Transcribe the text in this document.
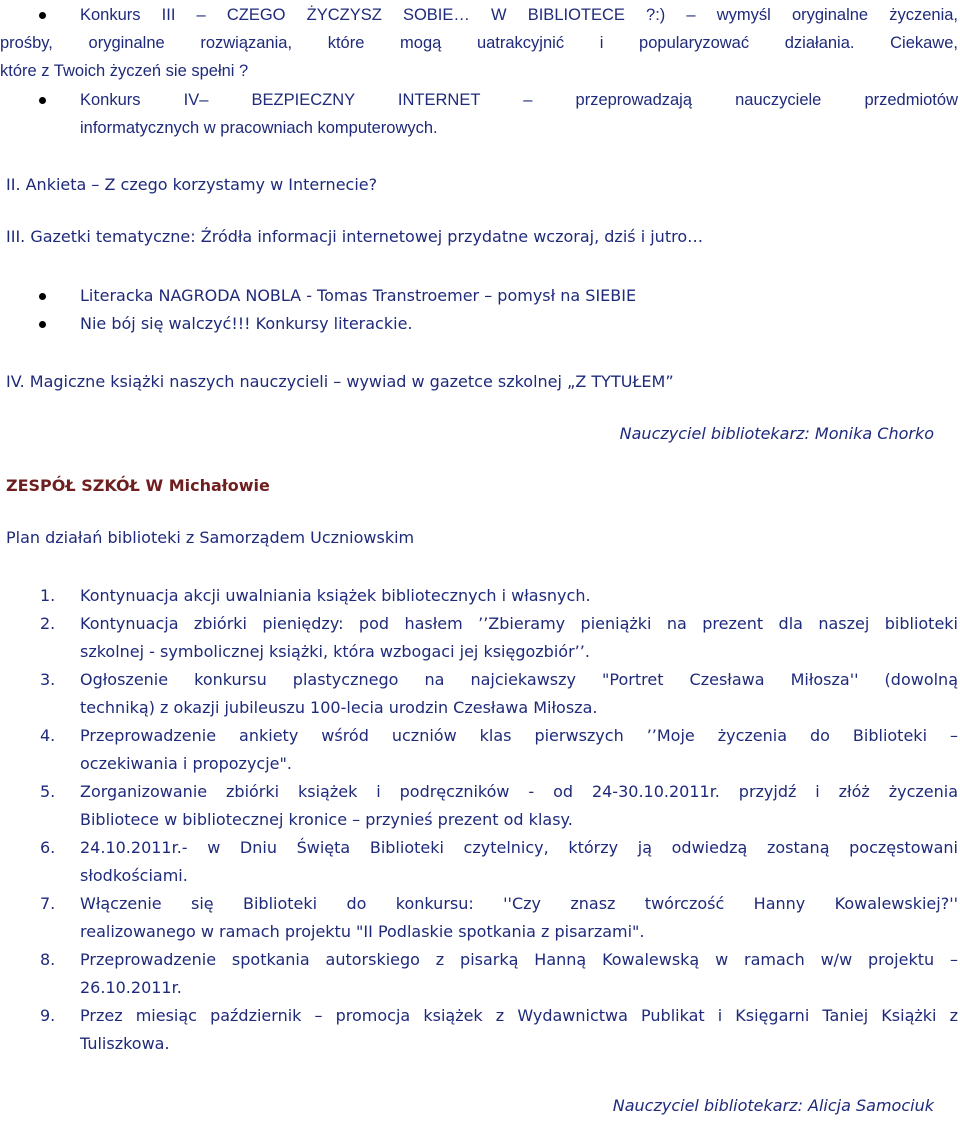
Konkurs III – CZEGO ŻYCZYSZ SOBIE… W BIBLIOTECE ?:) – wymyśl oryginalne życzenia,
prośby, oryginalne rozwiązania, które mogą uatrakcyjnić i popularyzować działania. Ciekawe,
które z Twoich życzeń sie spełni ?
Konkurs IV– BEZPIECZNY INTERNET – przeprowadzają nauczyciele przedmiotów
informatycznych w pracowniach komputerowych.
II. Ankieta – Z czego korzystamy w Internecie?
III. Gazetki tematyczne: Źródła informacji internetowej przydatne wczoraj, dziś i jutro…
Literacka NAGRODA NOBLA - Tomas Transtroemer – pomysł na SIEBIE
Nie bój się walczyć!!! Konkursy literackie.
IV. Magiczne książki naszych nauczycieli – wywiad w gazetce szkolnej „Z TYTUŁEM”
Nauczyciel bibliotekarz: Monika Chorko
ZESPÓŁ SZKÓŁ W Michałowie
Plan działań biblioteki z Samorządem Uczniowskim
1. Kontynuacja akcji uwalniania książek bibliotecznych i własnych.
2. Kontynuacja zbiórki pieniędzy: pod hasłem ’’Zbieramy pieniążki na prezent dla naszej biblioteki
szkolnej - symbolicznej książki, która wzbogaci jej księgozbiór’’.
3. Ogłoszenie konkursu plastycznego na najciekawszy "Portret Czesława Miłosza'' (dowolną
techniką) z okazji jubileuszu 100-lecia urodzin Czesława Miłosza.
4. Przeprowadzenie ankiety wśród uczniów klas pierwszych ’’Moje życzenia do Biblioteki –
oczekiwania i propozycje".
5. Zorganizowanie zbiórki książek i podręczników - od 24-30.10.2011r. przyjdź i złóż życzenia
Bibliotece w bibliotecznej kronice – przynieś prezent od klasy.
6. 24.10.2011r.- w Dniu Święta Biblioteki czytelnicy, którzy ją odwiedzą zostaną poczęstowani
słodkościami.
7. Włączenie się Biblioteki do konkursu: ''Czy znasz twórczość Hanny Kowalewskiej?''
realizowanego w ramach projektu "II Podlaskie spotkania z pisarzami".
8. Przeprowadzenie spotkania autorskiego z pisarką Hanną Kowalewską w ramach w/w projektu –
26.10.2011r.
9. Przez miesiąc październik – promocja książek z Wydawnictwa Publikat i Księgarni Taniej Książki z
Tuliszkowa.
Nauczyciel bibliotekarz: Alicja Samociuk
